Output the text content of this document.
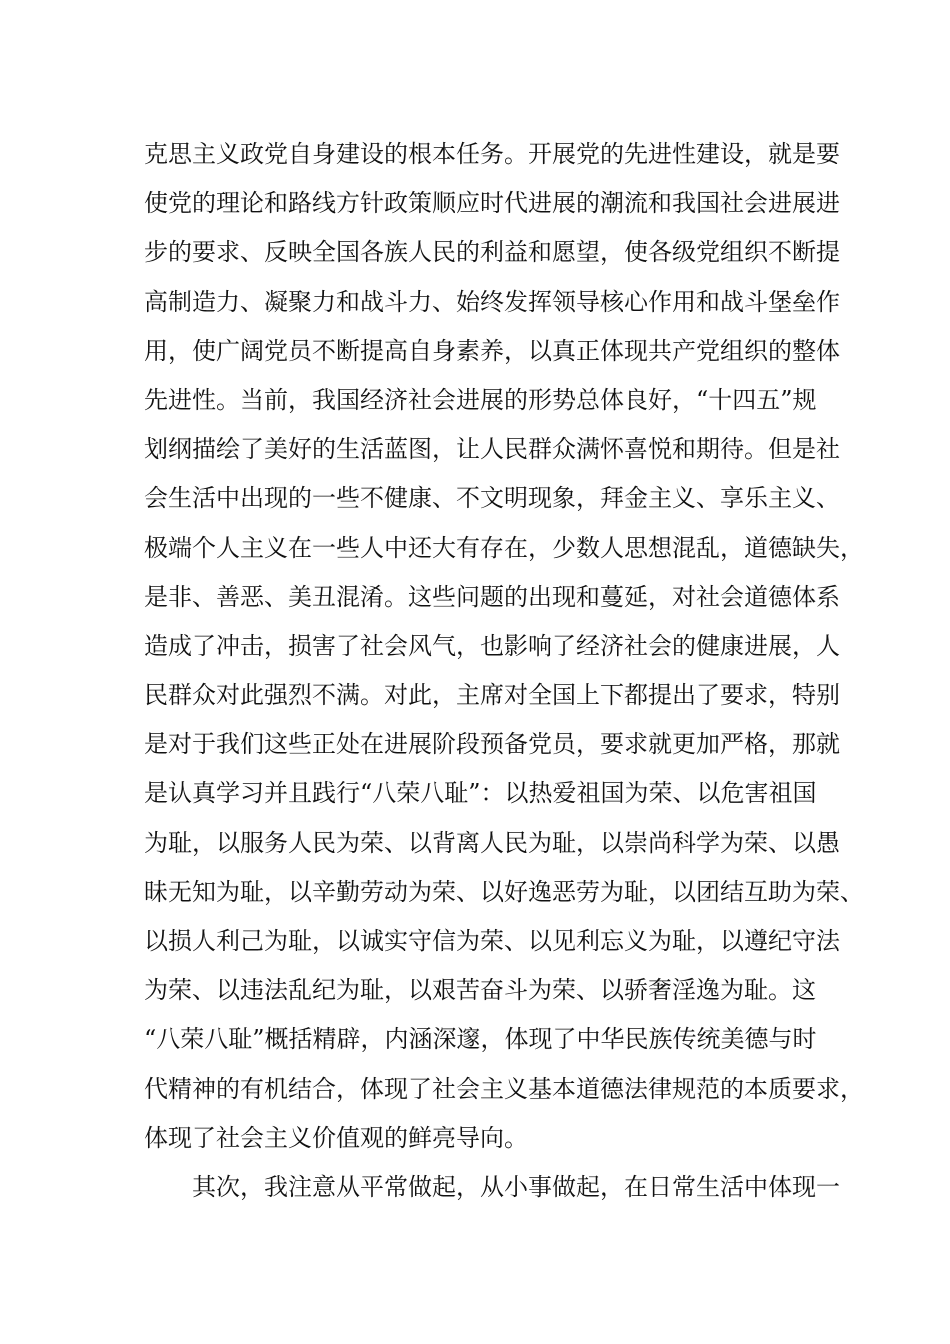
克思主义政党自身建设的根本任务。开展党的先进性建设，就是要
使党的理论和路线方针政策顺应时代进展的潮流和我国社会进展进
步的要求、反映全国各族人民的利益和愿望，使各级党组织不断提
高制造力、凝聚力和战斗力、始终发挥领导核心作用和战斗堡垒作
用，使广阔党员不断提高自身素养，以真正体现共产党组织的整体
先进性。当前，我国经济社会进展的形势总体良好，“十四五”规
划纲描绘了美好的生活蓝图，让人民群众满怀喜悦和期待。但是社
会生活中出现的一些不健康、不文明现象，拜金主义、享乐主义、
极端个人主义在一些人中还大有存在，少数人思想混乱，道德缺失，
是非、善恶、美丑混淆。这些问题的出现和蔓延，对社会道德体系
造成了冲击，损害了社会风气，也影响了经济社会的健康进展，人
民群众对此强烈不满。对此，主席对全国上下都提出了要求，特别
是对于我们这些正处在进展阶段预备党员，要求就更加严格，那就
是认真学习并且践行“八荣八耻”：以热爱祖国为荣、以危害祖国
为耻，以服务人民为荣、以背离人民为耻，以崇尚科学为荣、以愚
昧无知为耻，以辛勤劳动为荣、以好逸恶劳为耻，以团结互助为荣、
以损人利己为耻，以诚实守信为荣、以见利忘义为耻，以遵纪守法
为荣、以违法乱纪为耻，以艰苦奋斗为荣、以骄奢淫逸为耻。这
“八荣八耻”概括精辟，内涵深邃，体现了中华民族传统美德与时
代精神的有机结合，体现了社会主义基本道德法律规范的本质要求，
体现了社会主义价值观的鲜亮导向。
其次，我注意从平常做起，从小事做起，在日常生活中体现一
